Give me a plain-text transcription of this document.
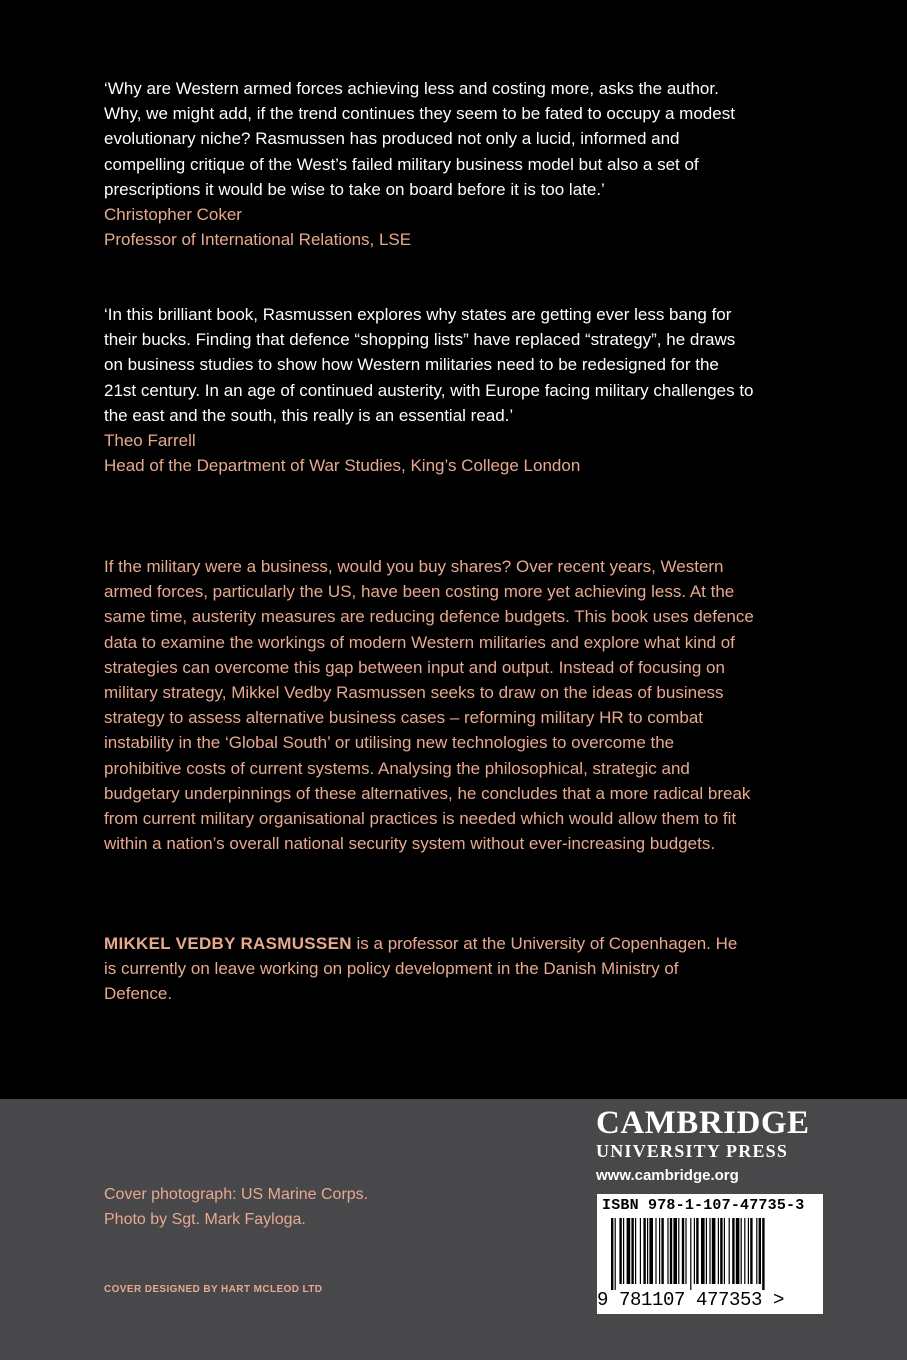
‘Why are Western armed forces achieving less and costing more, asks the author. Why, we might add, if the trend continues they seem to be fated to occupy a modest evolutionary niche? Rasmussen has produced not only a lucid, informed and compelling critique of the West’s failed military business model but also a set of prescriptions it would be wise to take on board before it is too late.’

Christopher Coker

Professor of International Relations, LSE

‘In this brilliant book, Rasmussen explores why states are getting ever less bang for their bucks. Finding that defence “shopping lists” have replaced “strategy”, he draws on business studies to show how Western militaries need to be redesigned for the 21st century. In an age of continued austerity, with Europe facing military challenges to the east and the south, this really is an essential read.’

Theo Farrell

Head of the Department of War Studies, King’s College London

If the military were a business, would you buy shares? Over recent years, Western armed forces, particularly the US, have been costing more yet achieving less. At the same time, austerity measures are reducing defence budgets. This book uses defence data to examine the workings of modern Western militaries and explore what kind of strategies can overcome this gap between input and output. Instead of focusing on military strategy, Mikkel Vedby Rasmussen seeks to draw on the ideas of business strategy to assess alternative business cases – reforming military HR to combat instability in the ‘Global South’ or utilising new technologies to overcome the prohibitive costs of current systems. Analysing the philosophical, strategic and budgetary underpinnings of these alternatives, he concludes that a more radical break from current military organisational practices is needed which would allow them to fit within a nation’s overall national security system without ever-increasing budgets.

MIKKEL VEDBY RASMUSSEN is a professor at the University of Copenhagen. He is currently on leave working on policy development in the Danish Ministry of Defence.

Cover photograph: US Marine Corps.
Photo by Sgt. Mark Fayloga.
COVER DESIGNED BY HART MCLEOD LTD
CAMBRIDGE
UNIVERSITY PRESS
www.cambridge.org
ISBN 978-1-107-47735-3
9 781107 477353 >
